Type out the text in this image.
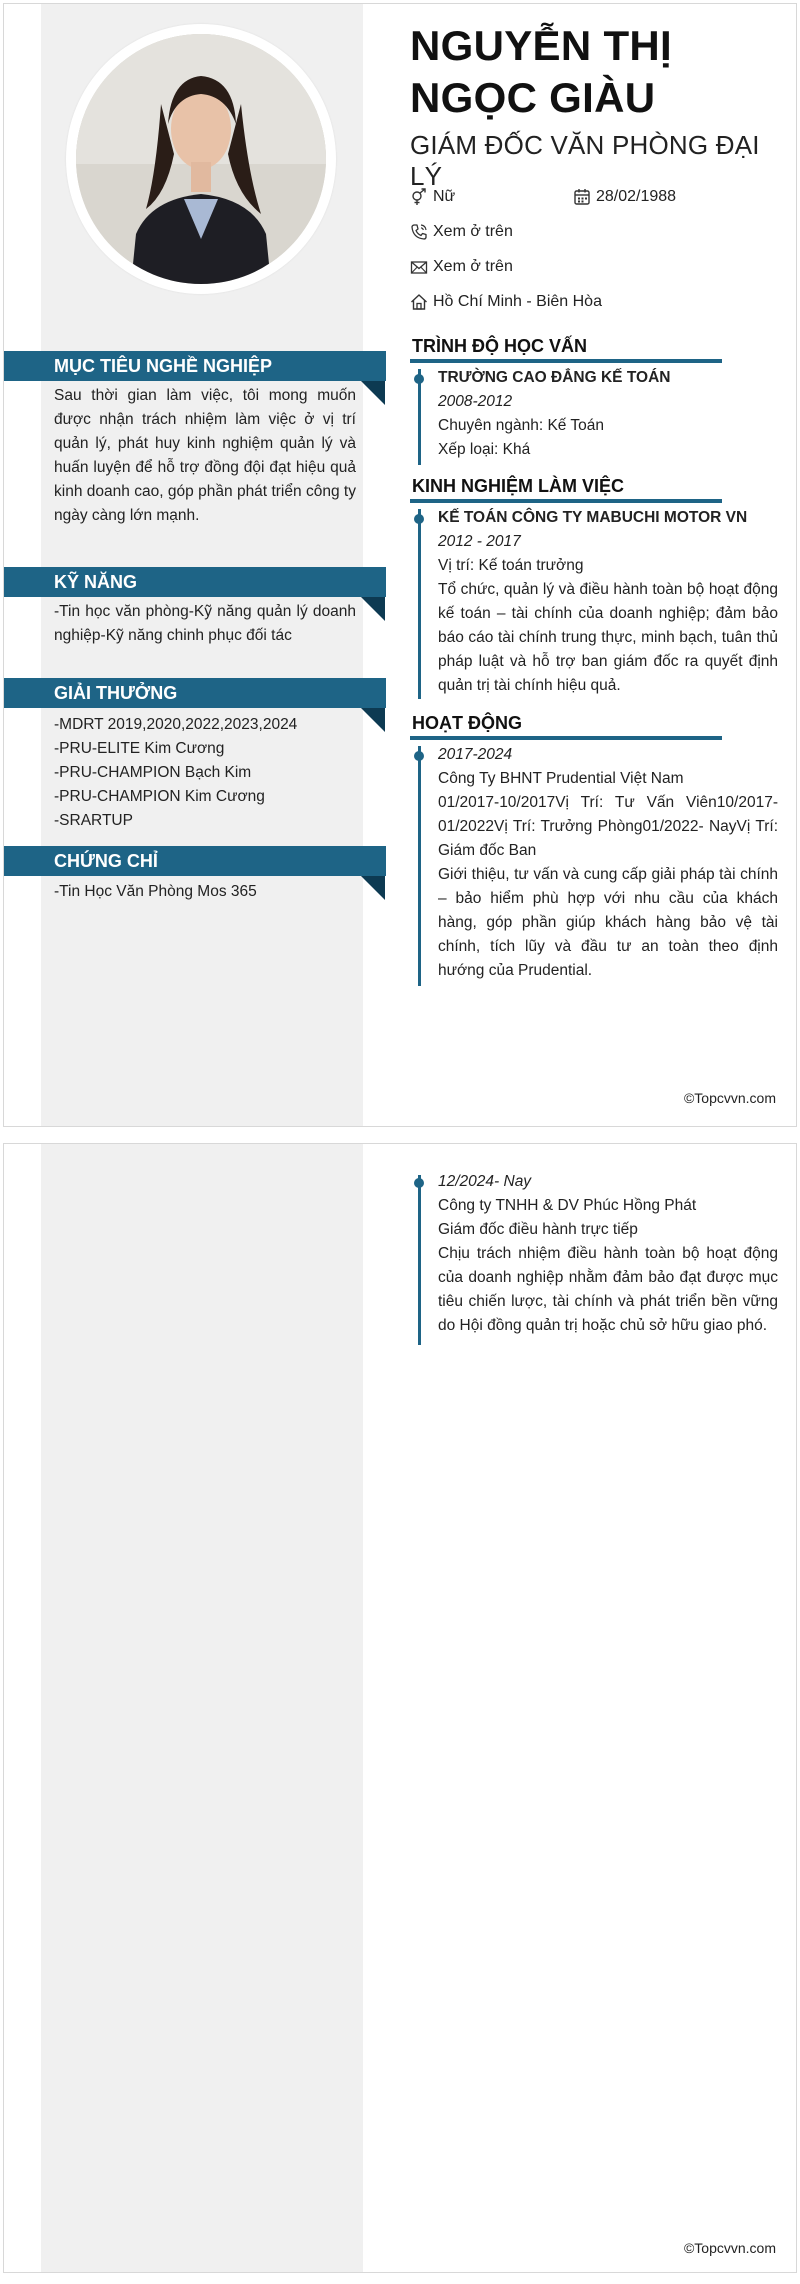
NGUYỄN THỊ NGỌC GIÀU
GIÁM ĐỐC VĂN PHÒNG ĐẠI LÝ
Nữ	28/02/1988
Xem ở trên
Xem ở trên
Hồ Chí Minh - Biên Hòa
MỤC TIÊU NGHỀ NGHIỆP
Sau thời gian làm việc, tôi mong muốn được nhận trách nhiệm làm việc ở vị trí quản lý, phát huy kinh nghiệm quản lý và huấn luyện để hỗ trợ đồng đội đạt hiệu quả kinh doanh cao, góp phần phát triển công ty ngày càng lớn mạnh.
KỸ NĂNG
-Tin học văn phòng-Kỹ năng quản lý doanh nghiệp-Kỹ năng chinh phục đối tác
GIẢI THƯỞNG
-MDRT 2019,2020,2022,2023,2024
-PRU-ELITE Kim Cương
-PRU-CHAMPION Bạch Kim
-PRU-CHAMPION Kim Cương
-SRARTUP
CHỨNG CHỈ
-Tin Học Văn Phòng Mos 365
TRÌNH ĐỘ HỌC VẤN
TRƯỜNG CAO ĐẲNG KẾ TOÁN
2008-2012
Chuyên ngành: Kế Toán
Xếp loại: Khá
KINH NGHIỆM LÀM VIỆC
KẾ TOÁN CÔNG TY MABUCHI MOTOR VN
2012 - 2017
Vị trí: Kế toán trưởng
Tổ chức, quản lý và điều hành toàn bộ hoạt động kế toán – tài chính của doanh nghiệp; đảm bảo báo cáo tài chính trung thực, minh bạch, tuân thủ pháp luật và hỗ trợ ban giám đốc ra quyết định quản trị tài chính hiệu quả.
HOẠT ĐỘNG
2017-2024
Công Ty BHNT Prudential Việt Nam
01/2017-10/2017Vị Trí: Tư Vấn Viên10/2017-01/2022Vị Trí: Trưởng Phòng01/2022- NayVị Trí: Giám đốc Ban
Giới thiệu, tư vấn và cung cấp giải pháp tài chính – bảo hiểm phù hợp với nhu cầu của khách hàng, góp phần giúp khách hàng bảo vệ tài chính, tích lũy và đầu tư an toàn theo định hướng của Prudential.
©Topcvvn.com
12/2024- Nay
Công ty TNHH & DV Phúc Hồng Phát
Giám đốc điều hành trực tiếp
Chịu trách nhiệm điều hành toàn bộ hoạt động của doanh nghiệp nhằm đảm bảo đạt được mục tiêu chiến lược, tài chính và phát triển bền vững do Hội đồng quản trị hoặc chủ sở hữu giao phó.
©Topcvvn.com
